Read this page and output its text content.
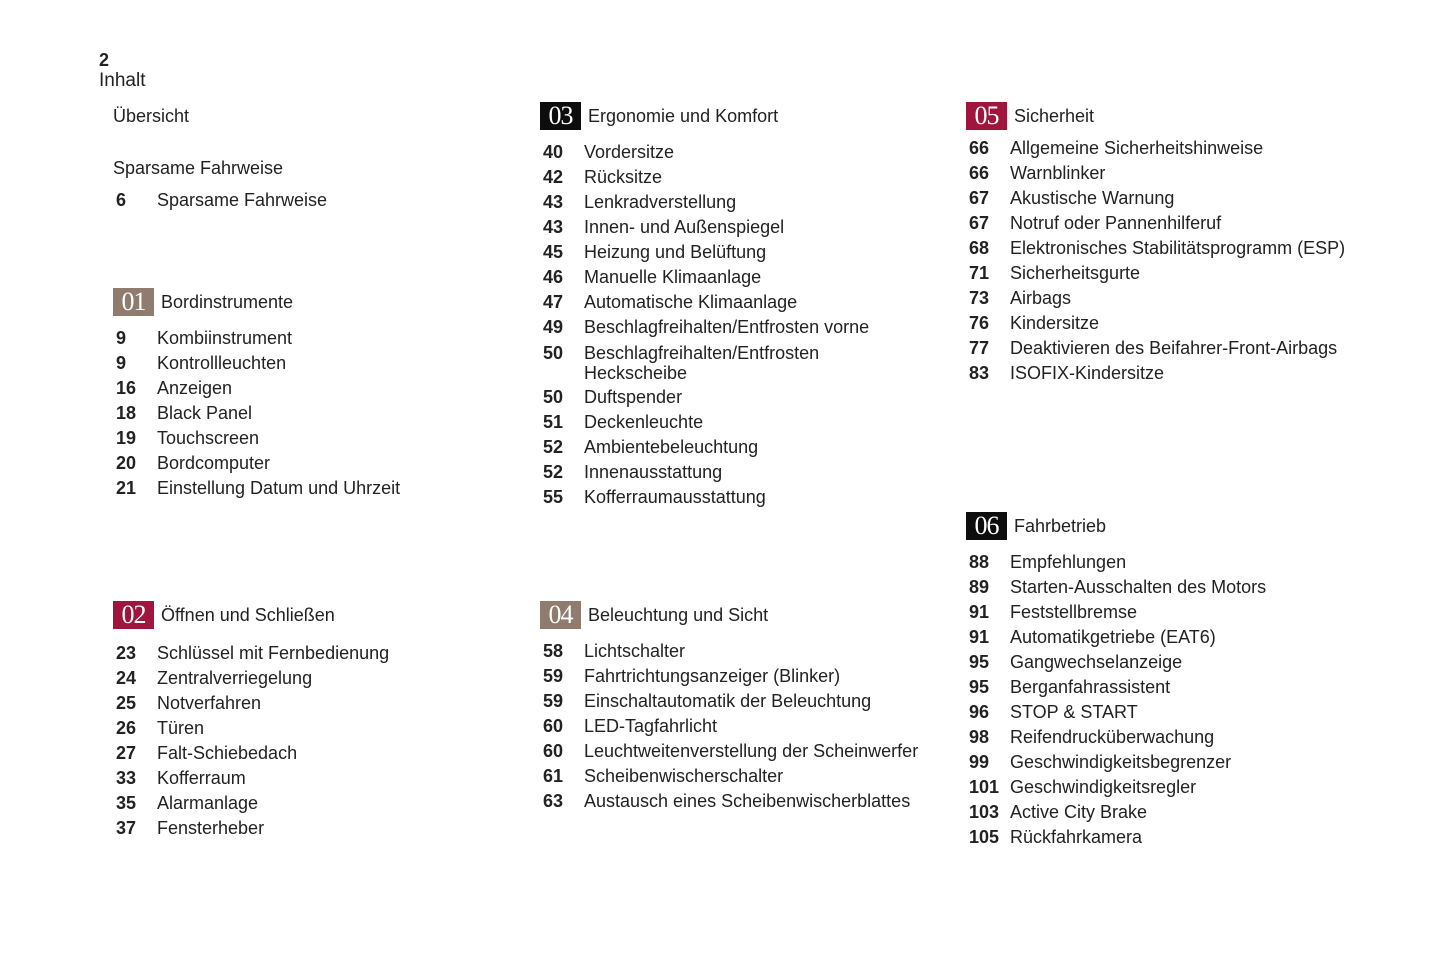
2
Inhalt
Übersicht
Sparsame Fahrweise
6	Sparsame Fahrweise
01 Bordinstrumente
9	Kombiinstrument
9	Kontrollleuchten
16	Anzeigen
18	Black Panel
19	Touchscreen
20	Bordcomputer
21	Einstellung Datum und Uhrzeit
02 Öffnen und Schließen
23	Schlüssel mit Fernbedienung
24	Zentralverriegelung
25	Notverfahren
26	Türen
27	Falt-Schiebedach
33	Kofferraum
35	Alarmanlage
37	Fensterheber
03 Ergonomie und Komfort
40	Vordersitze
42	Rücksitze
43	Lenkradverstellung
43	Innen- und Außenspiegel
45	Heizung und Belüftung
46	Manuelle Klimaanlage
47	Automatische Klimaanlage
49	Beschlagfreihalten/Entfrosten vorne
50	Beschlagfreihalten/Entfrosten
Heckscheibe
50	Duftspender
51	Deckenleuchte
52	Ambientebeleuchtung
52	Innenausstattung
55	Kofferraumausstattung
04 Beleuchtung und Sicht
58	Lichtschalter
59	Fahrtrichtungsanzeiger (Blinker)
59	Einschaltautomatik der Beleuchtung
60	LED-Tagfahrlicht
60	Leuchtweitenverstellung der Scheinwerfer
61	Scheibenwischerschalter
63	Austausch eines Scheibenwischerblattes
05 Sicherheit
66	Allgemeine Sicherheitshinweise
66	Warnblinker
67	Akustische Warnung
67	Notruf oder Pannenhilferuf
68	Elektronisches Stabilitätsprogramm (ESP)
71	Sicherheitsgurte
73	Airbags
76	Kindersitze
77	Deaktivieren des Beifahrer-Front-Airbags
83	ISOFIX-Kindersitze
06 Fahrbetrieb
88	Empfehlungen
89	Starten-Ausschalten des Motors
91	Feststellbremse
91	Automatikgetriebe (EAT6)
95	Gangwechselanzeige
95	Berganfahrassistent
96	STOP & START
98	Reifendrucküberwachung
99	Geschwindigkeitsbegrenzer
101 Geschwindigkeitsregler
103 Active City Brake
105 Rückfahrkamera
